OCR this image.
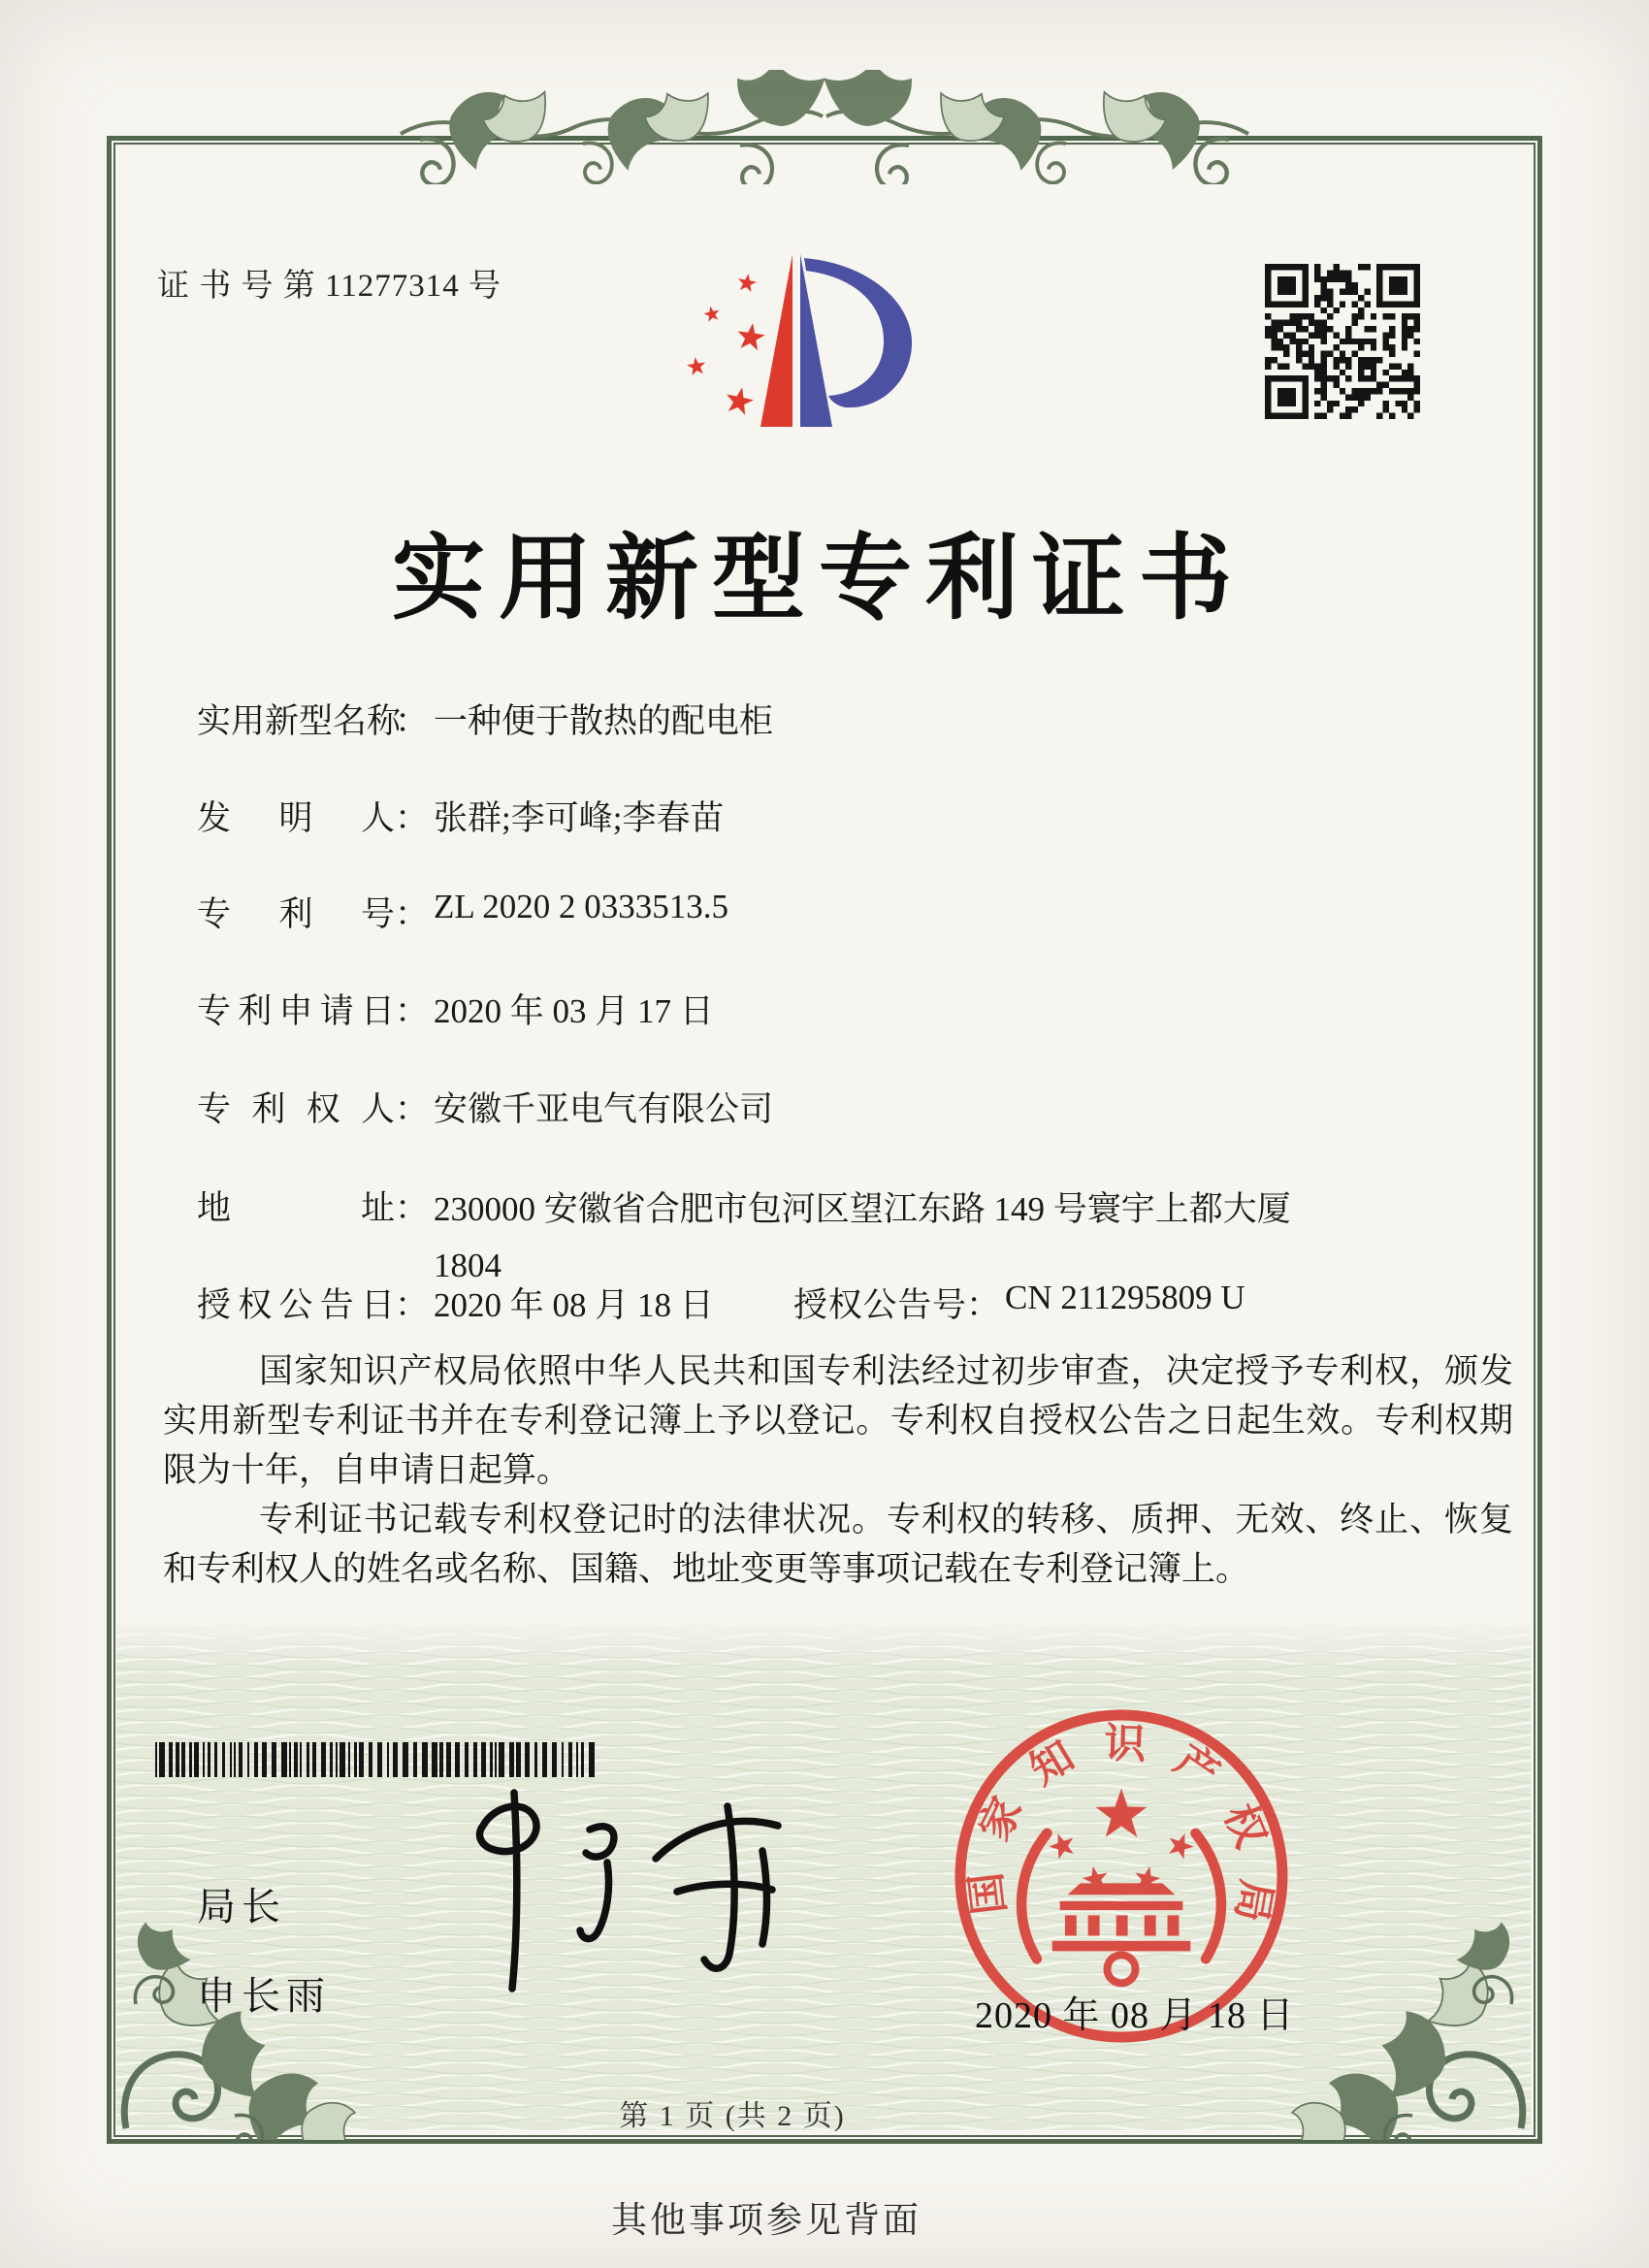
证 书 号 第 11277314 号
实用新型专利证书
实用新型名称： 一种便于散热的配电柜
发明人： 张群;李可峰;李春苗
专利号： ZL 2020 2 0333513.5
专利申请日： 2020 年 03 月 17 日
专利权人： 安徽千亚电气有限公司
地址： 230000 安徽省合肥市包河区望江东路 149 号寰宇上都大厦
1804
授权公告日： 2020 年 08 月 18 日 授权公告号： CN 211295809 U

国家知识产权局依照中华人民共和国专利法经过初步审查，决定授予专利权，颁发实用新型专利证书并在专利登记簿上予以登记。专利权自授权公告之日起生效。专利权期限为十年，自申请日起算。

专利证书记载专利权登记时的法律状况。专利权的转移、质押、无效、终止、恢复和专利权人的姓名或名称、国籍、地址变更等事项记载在专利登记簿上。

局长
申长雨
国家知识产权局
2020 年 08 月 18 日
第 1 页 (共 2 页)
其他事项参见背面
